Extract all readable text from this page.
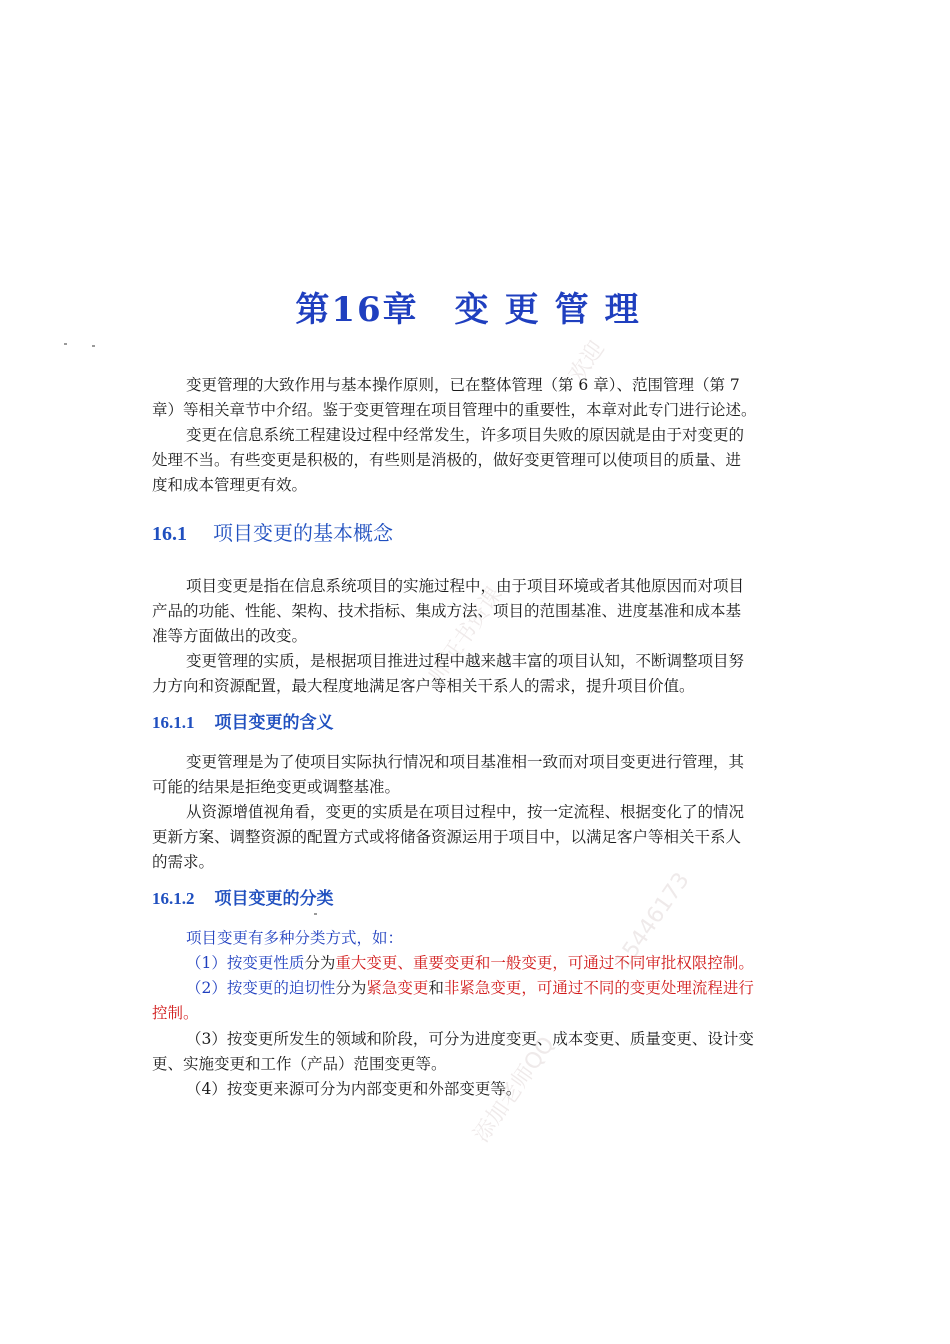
欢迎
15446173
师证书资课
添加老师QQ
第16章 变更管理

变更管理的大致作用与基本操作原则，已在整体管理（第 6 章）、范围管理（第 7
章）等相关章节中介绍。鉴于变更管理在项目管理中的重要性，本章对此专门进行论述。

变更在信息系统工程建设过程中经常发生，许多项目失败的原因就是由于对变更的
处理不当。有些变更是积极的，有些则是消极的，做好变更管理可以使项目的质量、进
度和成本管理更有效。

16.1 项目变更的基本概念

项目变更是指在信息系统项目的实施过程中，由于项目环境或者其他原因而对项目
产品的功能、性能、架构、技术指标、集成方法、项目的范围基准、进度基准和成本基
准等方面做出的改变。

变更管理的实质，是根据项目推进过程中越来越丰富的项目认知，不断调整项目努
力方向和资源配置，最大程度地满足客户等相关干系人的需求，提升项目价值。

16.1.1 项目变更的含义

变更管理是为了使项目实际执行情况和项目基准相一致而对项目变更进行管理，其
可能的结果是拒绝变更或调整基准。

从资源增值视角看，变更的实质是在项目过程中，按一定流程、根据变化了的情况
更新方案、调整资源的配置方式或将储备资源运用于项目中，以满足客户等相关干系人
的需求。

16.1.2 项目变更的分类

项目变更有多种分类方式，如：

（1）按变更性质分为重大变更、重要变更和一般变更，可通过不同审批权限控制。

（2）按变更的迫切性分为紧急变更和非紧急变更，可通过不同的变更处理流程进行
控制。

（3）按变更所发生的领域和阶段，可分为进度变更、成本变更、质量变更、设计变
更、实施变更和工作（产品）范围变更等。

（4）按变更来源可分为内部变更和外部变更等。
